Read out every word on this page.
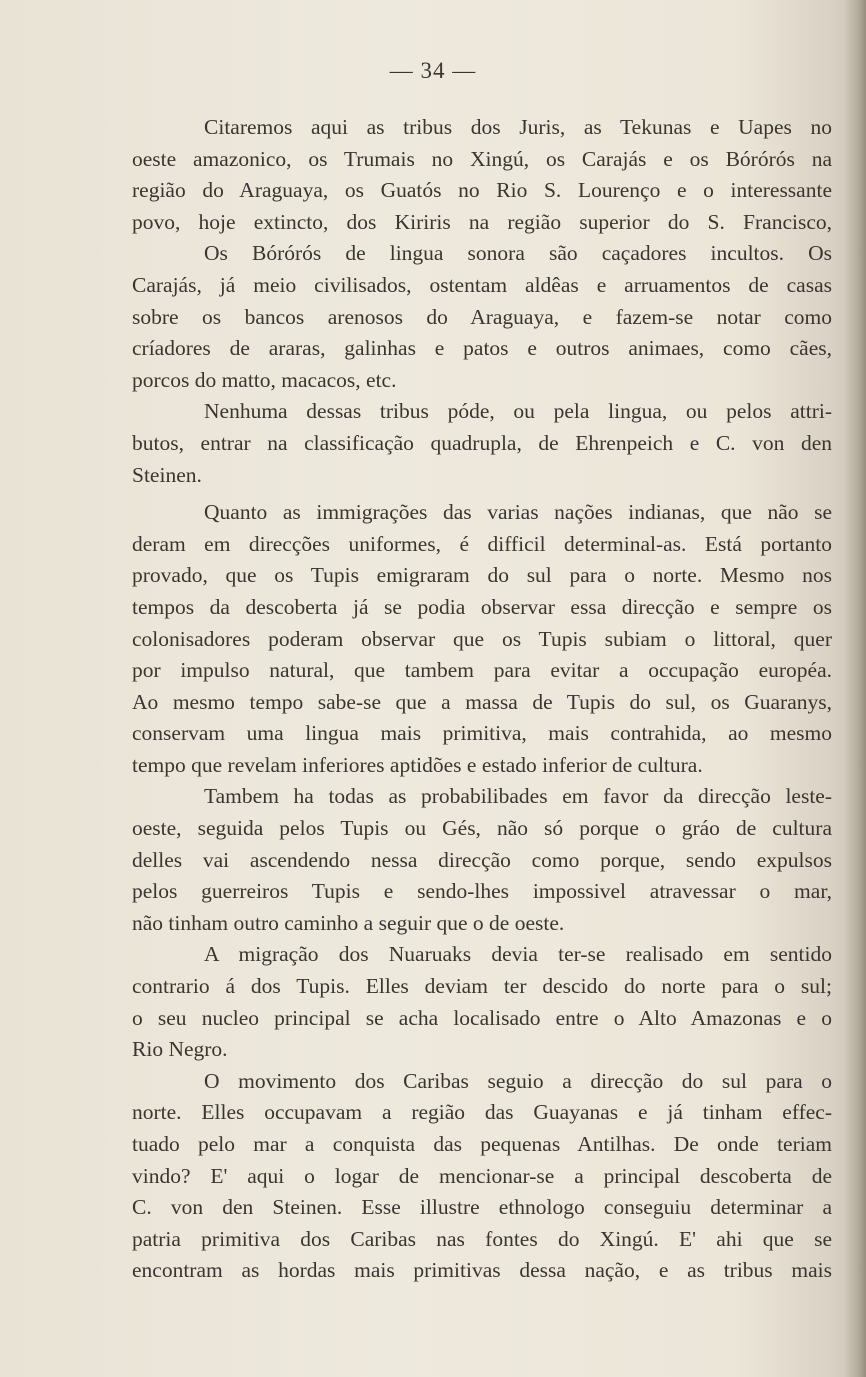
— 34 —
Citaremos aqui as tribus dos Juris, as Tekunas e Uapes no
oeste amazonico, os Trumais no Xingú, os Carajás e os Bórórós na
região do Araguaya, os Guatós no Rio S. Lourenço e o interessante
povo, hoje extincto, dos Kiriris na região superior do S. Francisco,
Os Bórórós de lingua sonora são caçadores incultos. Os
Carajás, já meio civilisados, ostentam aldêas e arruamentos de casas
sobre os bancos arenosos do Araguaya, e fazem-se notar como
críadores de araras, galinhas e patos e outros animaes, como cães,
porcos do matto, macacos, etc.
Nenhuma dessas tribus póde, ou pela lingua, ou pelos attri-
butos, entrar na classificação quadrupla, de Ehrenpeich e C. von den
Steinen.
Quanto as immigrações das varias nações indianas, que não se
deram em direcções uniformes, é difficil determinal-as. Está portanto
provado, que os Tupis emigraram do sul para o norte. Mesmo nos
tempos da descoberta já se podia observar essa direcção e sempre os
colonisadores poderam observar que os Tupis subiam o littoral, quer
por impulso natural, que tambem para evitar a occupação européa.
Ao mesmo tempo sabe-se que a massa de Tupis do sul, os Guaranys,
conservam uma lingua mais primitiva, mais contrahida, ao mesmo
tempo que revelam inferiores aptidões e estado inferior de cultura.
Tambem ha todas as probabilibades em favor da direcção leste-
oeste, seguida pelos Tupis ou Gés, não só porque o gráo de cultura
delles vai ascendendo nessa direcção como porque, sendo expulsos
pelos guerreiros Tupis e sendo-lhes impossivel atravessar o mar,
não tinham outro caminho a seguir que o de oeste.
A migração dos Nuaruaks devia ter-se realisado em sentido
contrario á dos Tupis. Elles deviam ter descido do norte para o sul;
o seu nucleo principal se acha localisado entre o Alto Amazonas e o
Rio Negro.
O movimento dos Caribas seguio a direcção do sul para o
norte. Elles occupavam a região das Guayanas e já tinham effec-
tuado pelo mar a conquista das pequenas Antilhas. De onde teriam
vindo? E' aqui o logar de mencionar-se a principal descoberta de
C. von den Steinen. Esse illustre ethnologo conseguiu determinar a
patria primitiva dos Caribas nas fontes do Xingú. E' ahi que se
encontram as hordas mais primitivas dessa nação, e as tribus mais
